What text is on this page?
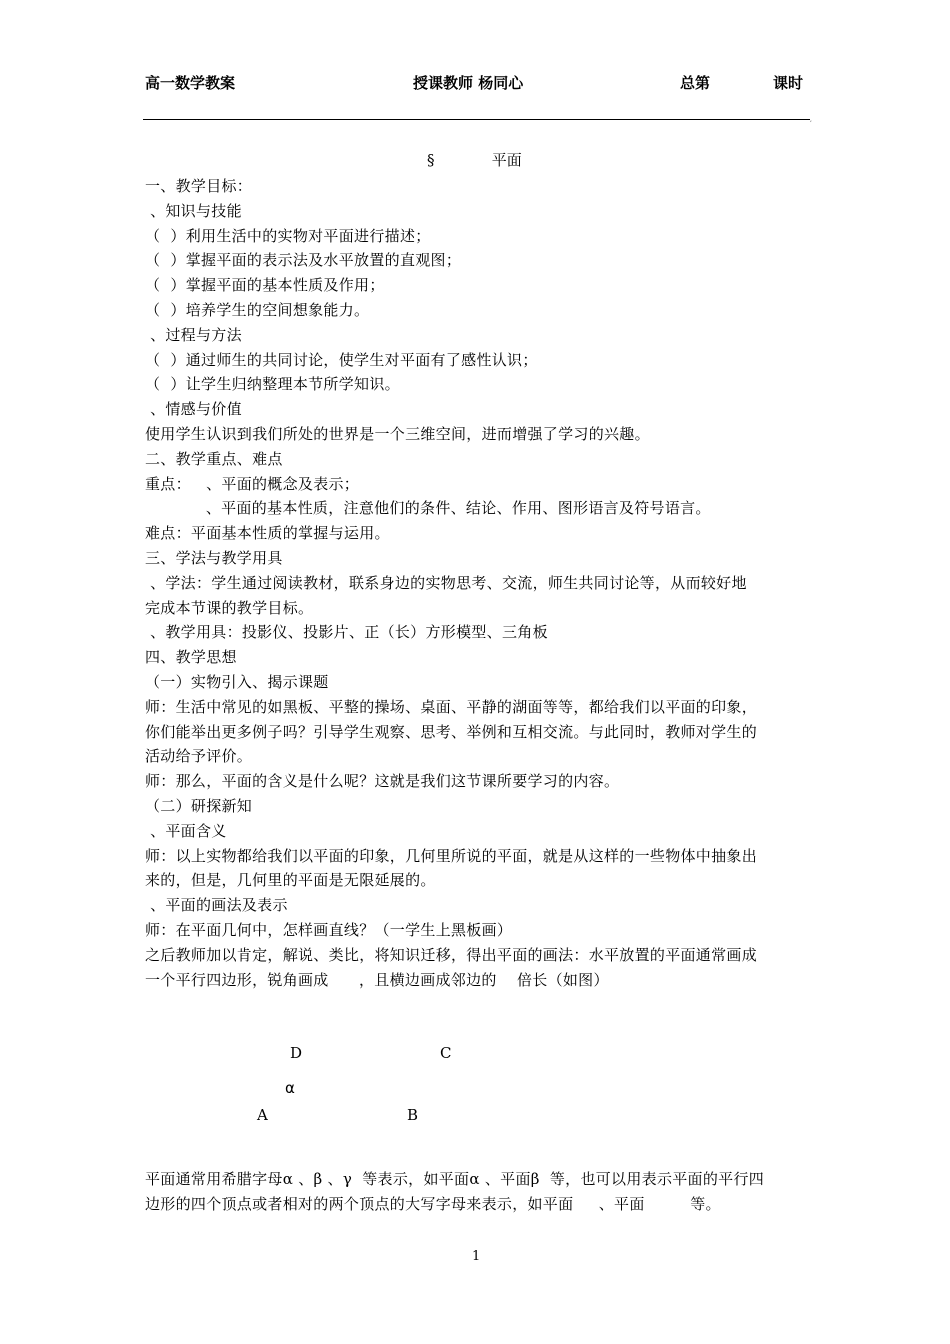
高一数学教案	授课教师 杨同心	总第	课时
,
§            平面

一、教学目标：

、知识与技能

（  ）利用生活中的实物对平面进行描述；

（  ）掌握平面的表示法及水平放置的直观图；

（  ）掌握平面的基本性质及作用；

（  ）培养学生的空间想象能力。

、过程与方法

（  ）通过师生的共同讨论，使学生对平面有了感性认识；

（  ）让学生归纳整理本节所学知识。

、情感与价值

使用学生认识到我们所处的世界是一个三维空间，进而增强了学习的兴趣。

二、教学重点、难点

重点：   、平面的概念及表示；

、平面的基本性质，注意他们的条件、结论、作用、图形语言及符号语言。

难点：平面基本性质的掌握与运用。

三、学法与教学用具

、学法：学生通过阅读教材，联系身边的实物思考、交流，师生共同讨论等，从而较好地

完成本节课的教学目标。

、教学用具：投影仪、投影片、正（长）方形模型、三角板

四、教学思想

（一）实物引入、揭示课题

师：生活中常见的如黑板、平整的操场、桌面、平静的湖面等等，都给我们以平面的印象，

你们能举出更多例子吗？引导学生观察、思考、举例和互相交流。与此同时，教师对学生的

活动给予评价。

师：那么，平面的含义是什么呢？这就是我们这节课所要学习的内容。

（二）研探新知

、平面含义

师：以上实物都给我们以平面的印象，几何里所说的平面，就是从这样的一些物体中抽象出

来的，但是，几何里的平面是无限延展的。

、平面的画法及表示

师：在平面几何中，怎样画直线？（一学生上黑板画）

之后教师加以肯定，解说、类比，将知识迁移，得出平面的画法：水平放置的平面通常画成

一个平行四边形，锐角画成      ，且横边画成邻边的    倍长（如图）

D	C
α
A	B

平面通常用希腊字母α 、β 、γ  等表示，如平面α 、平面β  等，也可以用表示平面的平行四

边形的四个顶点或者相对的两个顶点的大写字母来表示，如平面     、平面         等。

1
